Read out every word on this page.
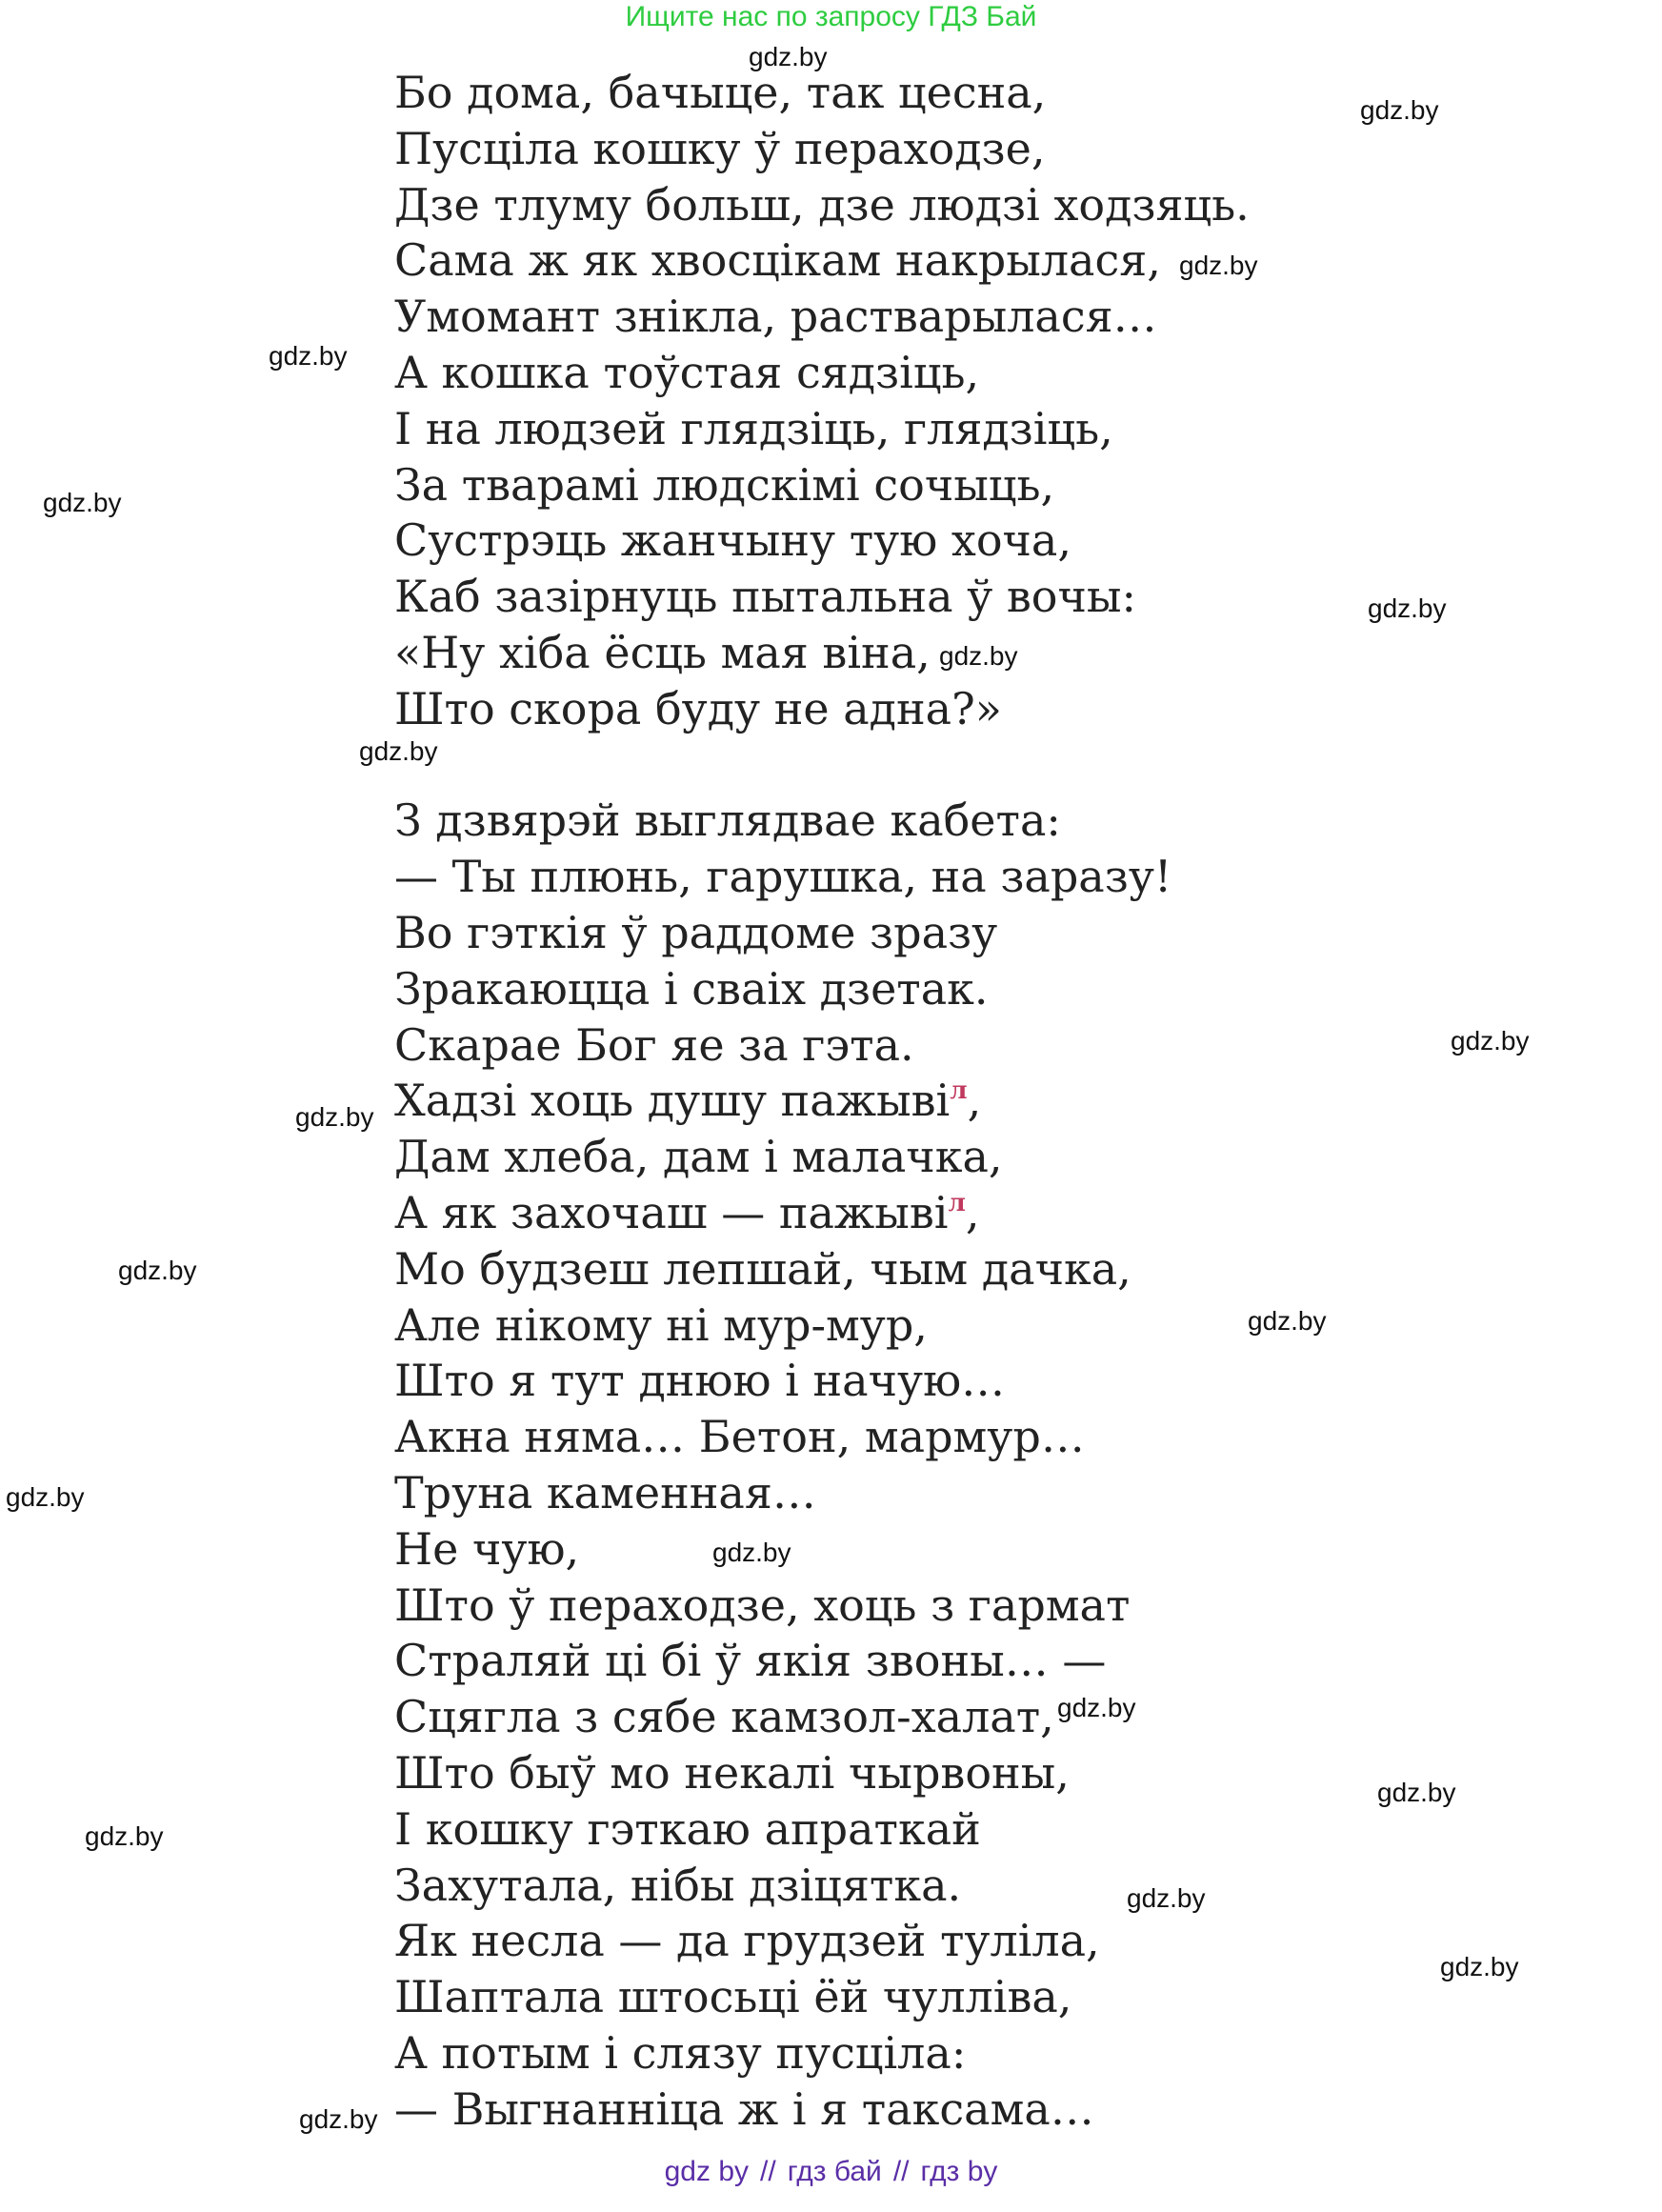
Ищите нас по запросу ГДЗ Бай
Бо дома, бачыце, так цесна,
Пусціла кошку ў пераходзе,
Дзе тлуму больш, дзе людзі ходзяць.
Сама ж як хвосцікам накрылася,
Умомант знікла, растварылася…
А кошка тоўстая сядзіць,
І на людзей глядзіць, глядзіць,
За тварамі людскімі сочыць,
Сустрэць жанчыну тую хоча,
Каб зазірнуць пытальна ў вочы:
«Ну хіба ёсць мая віна,
Што скора буду не адна?»
З дзвярэй выглядвае кабета:
— Ты плюнь, гарушка, на заразу!
Во гэткія ў раддоме зразу
Зракаюцца і сваіх дзетак.
Скарае Бог яе за гэта.
Хадзі хоць душу пажыві$^л$,
Дам хлеба, дам і малачка,
А як захочаш — пажыві$^л$,
Мо будзеш лепшай, чым дачка,
Але нікому ні мур-мур,
Што я тут днюю і начую…
Акна няма… Бетон, мармур…
Труна каменная…
Не чую,
Што ў пераходзе, хоць з гармат
Страляй ці бі ў якія звоны… —
Сцягла з сябе камзол-халат,
Што быў мо некалі чырвоны,
І кошку гэткаю апраткай
Захутала, нібы дзіцятка.
Як несла — да грудзей туліла,
Шаптала штосьці ёй чулліва,
А потым і слязу пусціла:
— Выгнанніца ж і я таксама…
gdz.by
gdz.by
gdz.by
gdz.by
gdz.by
gdz.by
gdz.by
gdz.by
gdz.by
gdz.by
gdz.by
gdz.by
gdz.by
gdz.by
gdz.by
gdz.by
gdz.by
gdz.by
gdz.by
gdz.by
gdz by // гдз бай // гдз by
